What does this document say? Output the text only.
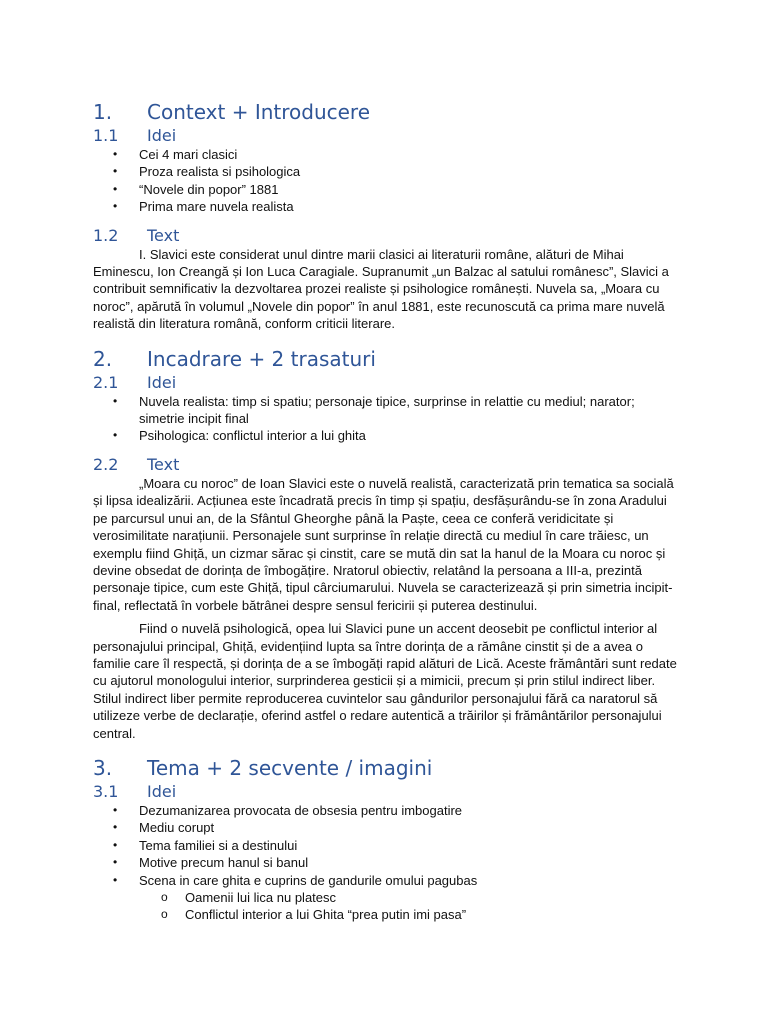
1.	Context + Introducere
1.1	Idei
• Cei 4 mari clasici
• Proza realista si psihologica
• “Novele din popor” 1881
• Prima mare nuvela realista
1.2	Text

I. Slavici este considerat unul dintre marii clasici ai literaturii române, alături de Mihai Eminescu, Ion Creangă și Ion Luca Caragiale. Supranumit „un Balzac al satului românesc”, Slavici a contribuit semnificativ la dezvoltarea prozei realiste și psihologice românești. Nuvela sa, „Moara cu noroc”, apărută în volumul „Novele din popor” în anul 1881, este recunoscută ca prima mare nuvelă realistă din literatura română, conform criticii literare.

2.	Incadrare + 2 trasaturi
2.1	Idei
• Nuvela realista: timp si spatiu; personaje tipice, surprinse in relattie cu mediul; narator; simetrie incipit final
• Psihologica: conflictul interior a lui ghita
2.2	Text

„Moara cu noroc” de Ioan Slavici este o nuvelă realistă, caracterizată prin tematica sa socială și lipsa idealizării. Acțiunea este încadrată precis în timp și spațiu, desfășurându-se în zona Aradului pe parcursul unui an, de la Sfântul Gheorghe până la Paște, ceea ce conferă veridicitate și verosimilitate narațiunii. Personajele sunt surprinse în relație directă cu mediul în care trăiesc, un exemplu fiind Ghiță, un cizmar sărac și cinstit, care se mută din sat la hanul de la Moara cu noroc și devine obsedat de dorința de îmbogățire. Nratorul obiectiv, relatând la persoana a III-a, prezintă personaje tipice, cum este Ghiță, tipul cârciumarului. Nuvela se caracterizează și prin simetria incipit-final, reflectată în vorbele bătrânei despre sensul fericirii și puterea destinului.

Fiind o nuvelă psihologică, opea lui Slavici pune un accent deosebit pe conflictul interior al personajului principal, Ghiță, evidențiind lupta sa între dorința de a rămâne cinstit și de a avea o familie care îl respectă, și dorința de a se îmbogăți rapid alături de Lică. Aceste frământări sunt redate cu ajutorul monologului interior, surprinderea gesticii și a mimicii, precum și prin stilul indirect liber. Stilul indirect liber permite reproducerea cuvintelor sau gândurilor personajului fără ca naratorul să utilizeze verbe de declarație, oferind astfel o redare autentică a trăirilor și frământărilor personajului central.

3.	Tema + 2 secvente / imagini
3.1	Idei
• Dezumanizarea provocata de obsesia pentru imbogatire
• Mediu corupt
• Tema familiei si a destinului
• Motive precum hanul si banul
• Scena in care ghita e cuprins de gandurile omului pagubas
o Oamenii lui lica nu platesc
o Conflictul interior a lui Ghita “prea putin imi pasa”
